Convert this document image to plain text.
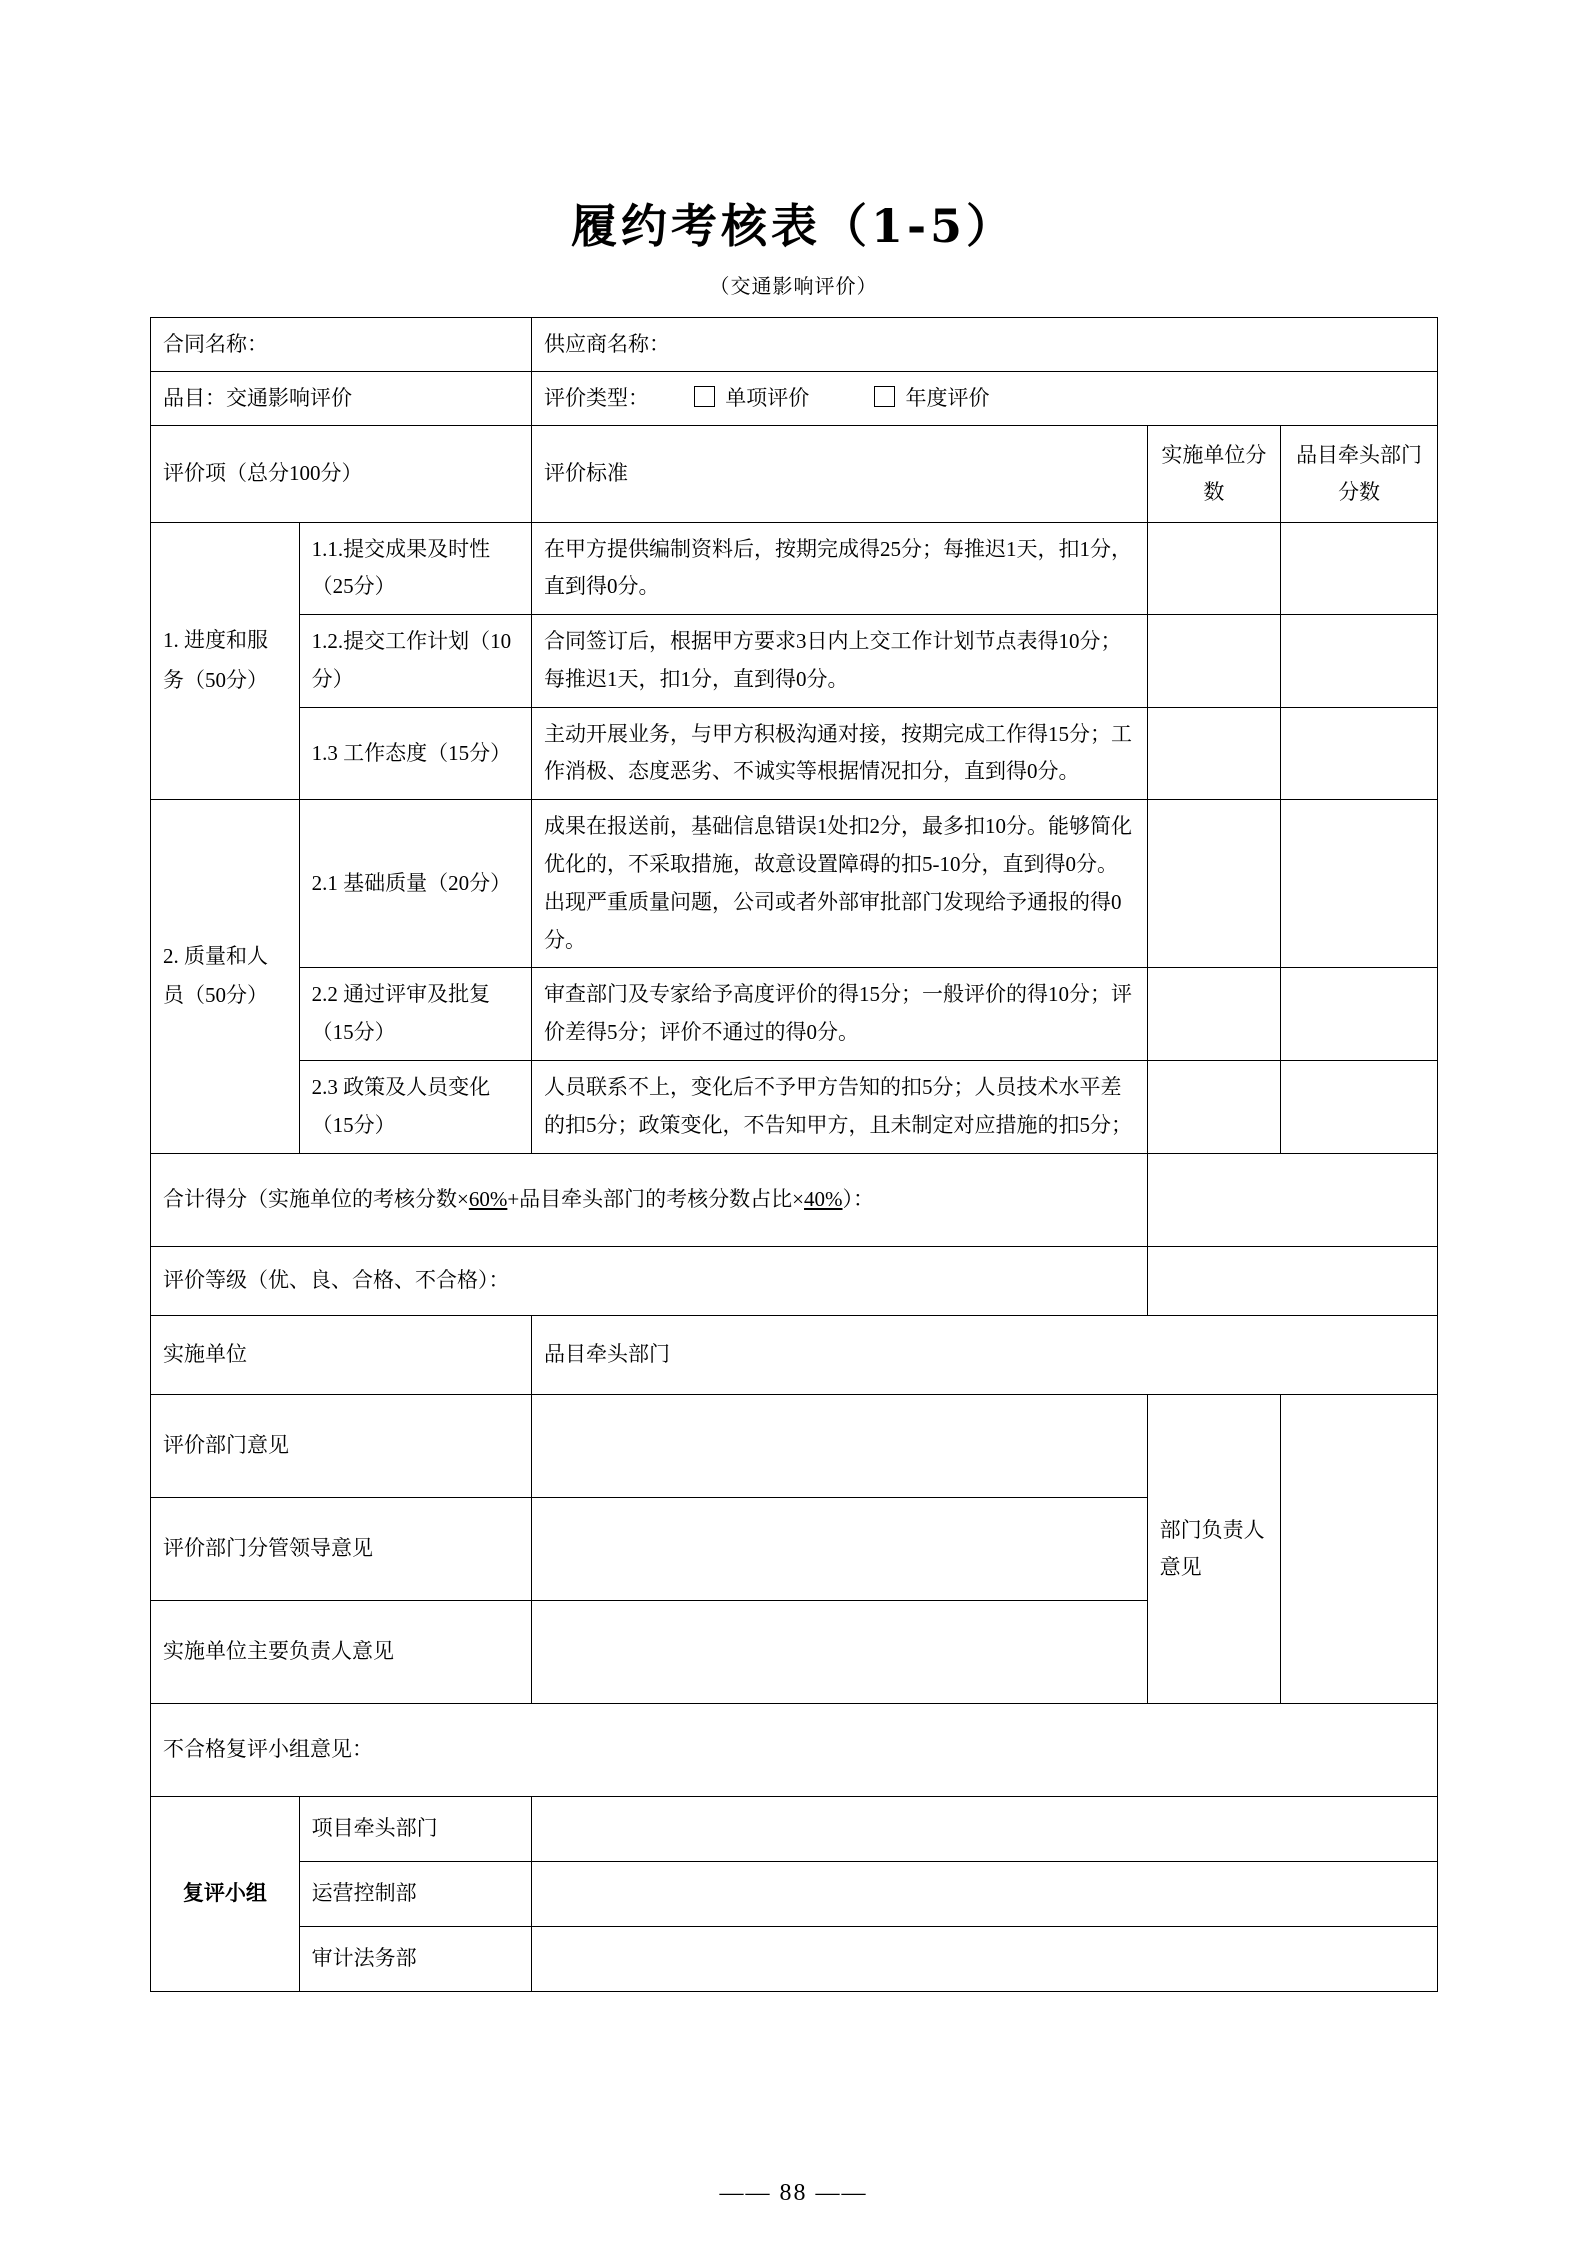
履约考核表（1-5）
（交通影响评价）
合同名称：		供应商名称：		
品目：交通影响评价		评价类型： 单项评价 年度评价		
评价项（总分100分）		评价标准	实施单位分数	品目牵头部门分数
1. 进度和服务（50分）	1.1.提交成果及时性（25分）	在甲方提供编制资料后，按期完成得25分；每推迟1天，扣1分，直到得0分。		
	1.2.提交工作计划（10分）	合同签订后，根据甲方要求3日内上交工作计划节点表得10分；每推迟1天，扣1分，直到得0分。		
	1.3 工作态度（15分）	主动开展业务，与甲方积极沟通对接，按期完成工作得15分；工作消极、态度恶劣、不诚实等根据情况扣分，直到得0分。		
2. 质量和人员（50分）	2.1 基础质量（20分）	成果在报送前，基础信息错误1处扣2分，最多扣10分。能够简化优化的，不采取措施，故意设置障碍的扣5-10分，直到得0分。出现严重质量问题，公司或者外部审批部门发现给予通报的得0分。		
	2.2 通过评审及批复（15分）	审查部门及专家给予高度评价的得15分；一般评价的得10分；评价差得5分；评价不通过的得0分。		
	2.3 政策及人员变化（15分）	人员联系不上，变化后不予甲方告知的扣5分；人员技术水平差的扣5分；政策变化，不告知甲方，且未制定对应措施的扣5分；		
合计得分（实施单位的考核分数×60%+品目牵头部门的考核分数占比×40%）：				
评价等级（优、良、合格、不合格）：				
实施单位		品目牵头部门		
评价部门意见			部门负责人意见	
评价部门分管领导意见				
实施单位主要负责人意见				
不合格复评小组意见：				
复评小组	项目牵头部门			
	运营控制部			
	审计法务部			
—— 88 ——
